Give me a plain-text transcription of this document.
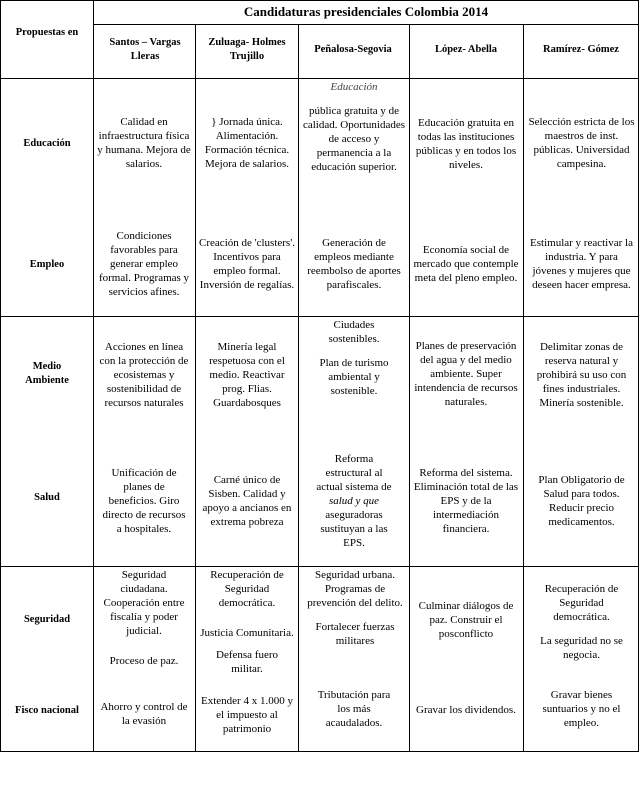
Candidaturas presidenciales Colombia 2014

Propuestas en

Santos – Vargas Lleras

Zuluaga- Holmes Trujillo

Peñalosa-Segovia	López- Abella	Ramírez- Gómez

Educación

Empleo

Medio Ambiente

Salud

Seguridad

Fisco nacional

Calidad en infraestructura física y humana. Mejora de salarios.

} Jornada única. Alimentación. Formación técnica. Mejora de salarios.

Educación

pública gratuita y de calidad. Oportunidades de acceso y permanencia a la educación superior.

Educación gratuita en todas las instituciones públicas y en todos los niveles.

Selección estricta de los maestros de inst. públicas. Universidad campesina.

Condiciones favorables para generar empleo formal. Programas y servicios afines.

Creación de 'clusters'. Incentivos para empleo formal. Inversión de regalías.

Generación de empleos mediante reembolso de aportes parafiscales.

Economía social de mercado que contemple meta del pleno empleo.

Estimular y reactivar la industria. Y para jóvenes y mujeres que deseen hacer empresa.

Acciones en línea con la protección de ecosistemas y sostenibilidad de recursos naturales

Minería legal respetuosa con el medio. Reactivar prog. Flias. Guardabosques

Ciudades sostenibles.

Plan de turismo ambiental y sostenible.

Planes de preservación del agua y del medio ambiente. Super intendencia de recursos naturales.

Delimitar zonas de reserva natural y prohibirá su uso con fines industriales. Minería sostenible.

Unificación de planes de beneficios. Giro directo de recursos a hospitales.

Carné único de Sisben. Calidad y apoyo a ancianos en extrema pobreza

Reforma estructural al actual sistema de salud y que aseguradoras sustituyan a las EPS.

Reforma del sistema. Eliminación total de las EPS y de la intermediación financiera.

Plan Obligatorio de Salud para todos. Reducir precio medicamentos.

Seguridad ciudadana. Cooperación entre fiscalía y poder judicial.

Proceso de paz.

Recuperación de Seguridad democrática.

Justicia Comunitaria.

Defensa fuero militar.

Seguridad urbana. Programas de prevención del delito.

Fortalecer fuerzas militares

Culminar diálogos de paz. Construir el posconflicto

Recuperación de Seguridad democrática.

La seguridad no se negocia.

Ahorro y control de la evasión

Extender 4 x 1.000 y el impuesto al patrimonio

Tributación para los más acaudalados.

Gravar los dividendos.

Gravar bienes suntuarios y no el empleo.
